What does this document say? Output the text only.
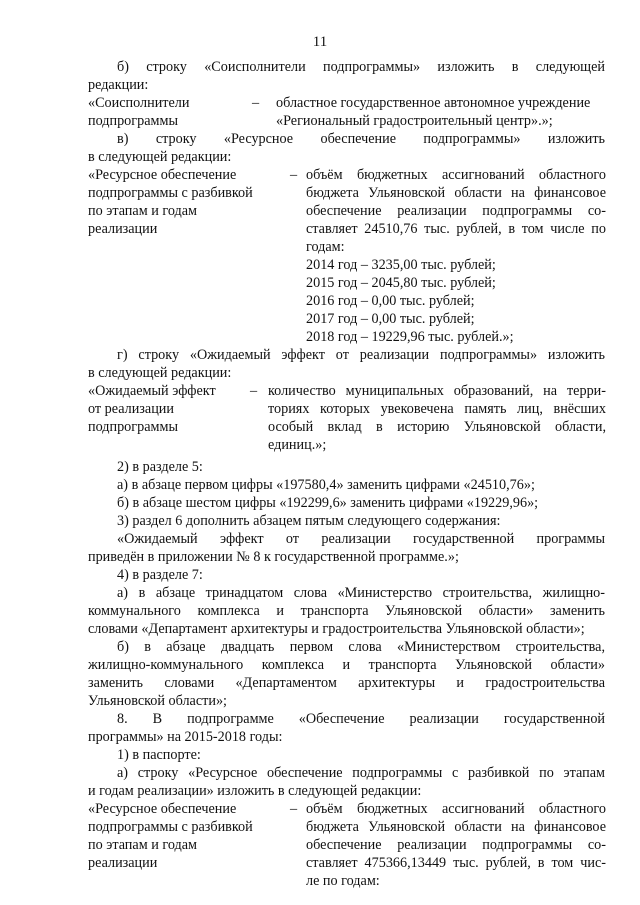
11
б) строку «Соисполнители подпрограммы» изложить в следующей
редакции:
«Соисполнители
подпрограммы
– областное государственное автономное учреждение
«Региональный градостроительный центр».»;
в) строку «Ресурсное обеспечение подпрограммы» изложить
в следующей редакции:
«Ресурсное обеспечение
подпрограммы с разбивкой
по этапам и годам
реализации
– объём бюджетных ассигнований областного
бюджета Ульяновской области на финансовое
обеспечение реализации подпрограммы со-
ставляет 24510,76 тыс. рублей, в том числе по
годам:
2014 год – 3235,00 тыс. рублей;
2015 год – 2045,80 тыс. рублей;
2016 год – 0,00 тыс. рублей;
2017 год – 0,00 тыс. рублей;
2018 год – 19229,96 тыс. рублей.»;
г) строку «Ожидаемый эффект от реализации подпрограммы» изложить
в следующей редакции:
«Ожидаемый эффект
от реализации
подпрограммы
– количество муниципальных образований, на терри-
ториях которых увековечена память лиц, внёсших
особый вклад в историю Ульяновской области,
единиц.»;
2) в разделе 5:
а) в абзаце первом цифры «197580,4» заменить цифрами «24510,76»;
б) в абзаце шестом цифры «192299,6» заменить цифрами «19229,96»;
3) раздел 6 дополнить абзацем пятым следующего содержания:
«Ожидаемый эффект от реализации государственной программы
приведён в приложении № 8 к государственной программе.»;
4) в разделе 7:
а) в абзаце тринадцатом слова «Министерство строительства, жилищно-
коммунального комплекса и транспорта Ульяновской области» заменить
словами «Департамент архитектуры и градостроительства Ульяновской области»;
б) в абзаце двадцать первом слова «Министерством строительства,
жилищно-коммунального комплекса и транспорта Ульяновской области»
заменить словами «Департаментом архитектуры и градостроительства
Ульяновской области»;
8. В подпрограмме «Обеспечение реализации государственной
программы» на 2015-2018 годы:
1) в паспорте:
а) строку «Ресурсное обеспечение подпрограммы с разбивкой по этапам
и годам реализации» изложить в следующей редакции:
«Ресурсное обеспечение
подпрограммы с разбивкой
по этапам и годам
реализации
– объём бюджетных ассигнований областного
бюджета Ульяновской области на финансовое
обеспечение реализации подпрограммы со-
ставляет 475366,13449 тыс. рублей, в том чис-
ле по годам:
